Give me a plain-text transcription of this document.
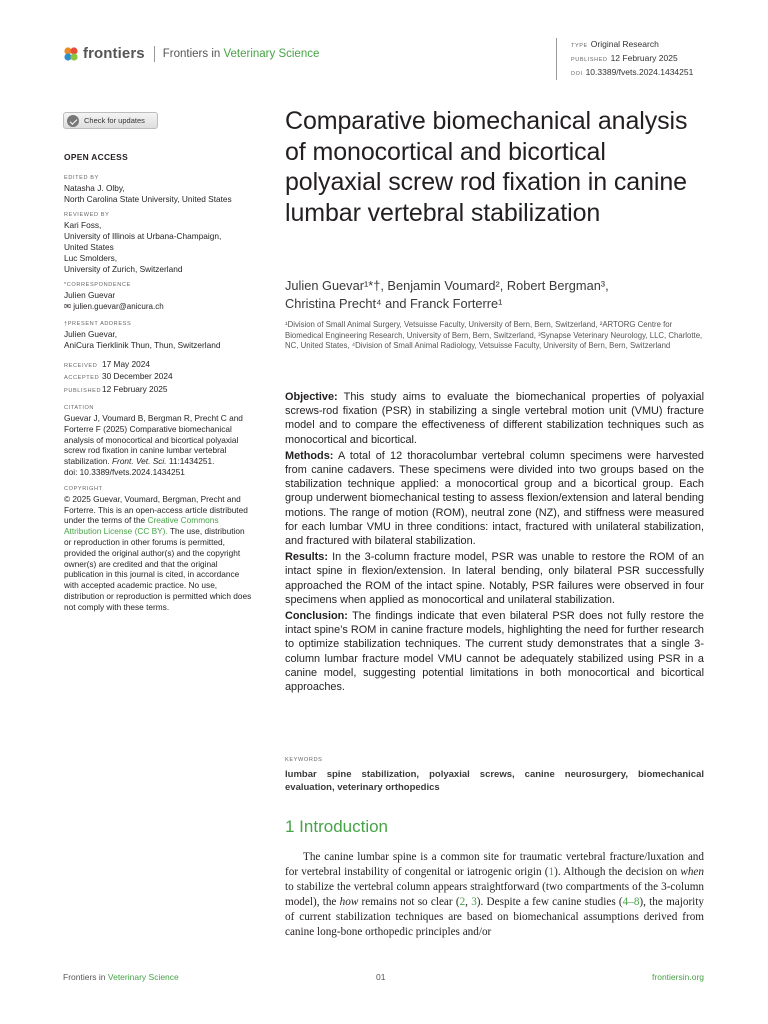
frontiers Frontiers in Veterinary Science
TYPE Original Research
PUBLISHED 12 February 2025
DOI 10.3389/fvets.2024.1434251
Check for updates
OPEN ACCESS
EDITED BY
Natasha J. Olby,
North Carolina State University, United States
REVIEWED BY
Kari Foss,
University of Illinois at Urbana-Champaign,
United States
Luc Smolders,
University of Zurich, Switzerland
*CORRESPONDENCE
Julien Guevar
✉ julien.guevar@anicura.ch
†PRESENT ADDRESS
Julien Guevar,
AniCura Tierklinik Thun, Thun, Switzerland
RECEIVED 17 May 2024
ACCEPTED 30 December 2024
PUBLISHED12 February 2025
CITATION
Guevar J, Voumard B, Bergman R, Precht C and Forterre F (2025) Comparative biomechanical analysis of monocortical and bicortical polyaxial screw rod fixation in canine lumbar vertebral stabilization. Front. Vet. Sci. 11:1434251.
doi: 10.3389/fvets.2024.1434251
COPYRIGHT
© 2025 Guevar, Voumard, Bergman, Precht and Forterre. This is an open-access article distributed under the terms of the Creative Commons Attribution License (CC BY). The use, distribution or reproduction in other forums is permitted, provided the original author(s) and the copyright owner(s) are credited and that the original publication in this journal is cited, in accordance with accepted academic practice. No use, distribution or reproduction is permitted which does not comply with these terms.
Comparative biomechanical analysis of monocortical and bicortical polyaxial screw rod fixation in canine lumbar vertebral stabilization
Julien Guevar¹*†, Benjamin Voumard², Robert Bergman³,
Christina Precht⁴ and Franck Forterre¹
¹Division of Small Animal Surgery, Vetsuisse Faculty, University of Bern, Bern, Switzerland, ²ARTORG Centre for Biomedical Engineering Research, University of Bern, Bern, Switzerland, ³Synapse Veterinary Neurology, LLC, Charlotte, NC, United States, ⁴Division of Small Animal Radiology, Vetsuisse Faculty, University of Bern, Bern, Switzerland

Objective: This study aims to evaluate the biomechanical properties of polyaxial screws-rod fixation (PSR) in stabilizing a single vertebral motion unit (VMU) fracture model and to compare the effectiveness of different stabilization techniques such as monocortical and bicortical.

Methods: A total of 12 thoracolumbar vertebral column specimens were harvested from canine cadavers. These specimens were divided into two groups based on the stabilization technique applied: a monocortical group and a bicortical group. Each group underwent biomechanical testing to assess flexion/extension and lateral bending motions. The range of motion (ROM), neutral zone (NZ), and stiffness were measured for each lumbar VMU in three conditions: intact, fractured with unilateral stabilization, and fractured with bilateral stabilization.

Results: In the 3-column fracture model, PSR was unable to restore the ROM of an intact spine in flexion/extension. In lateral bending, only bilateral PSR successfully approached the ROM of the intact spine. Notably, PSR failures were observed in four specimens when applied as monocortical and unilateral stabilization.

Conclusion: The findings indicate that even bilateral PSR does not fully restore the intact spine’s ROM in canine fracture models, highlighting the need for further research to optimize stabilization techniques. The current study demonstrates that a single 3-column lumbar fracture model VMU cannot be adequately stabilized using PSR in a canine model, suggesting potential limitations in both monocortical and bicortical approaches.

KEYWORDS
lumbar spine stabilization, polyaxial screws, canine neurosurgery, biomechanical evaluation, veterinary orthopedics
1 Introduction

The canine lumbar spine is a common site for traumatic vertebral fracture/luxation and for vertebral instability of congenital or iatrogenic origin (1). Although the decision on when to stabilize the vertebral column appears straightforward (two compartments of the 3-column model), the how remains not so clear (2, 3). Despite a few canine studies (4–8), the majority of current stabilization techniques are based on biomechanical assumptions derived from canine long-bone orthopedic principles and/or

Frontiers in Veterinary Science	01	frontiersin.org
